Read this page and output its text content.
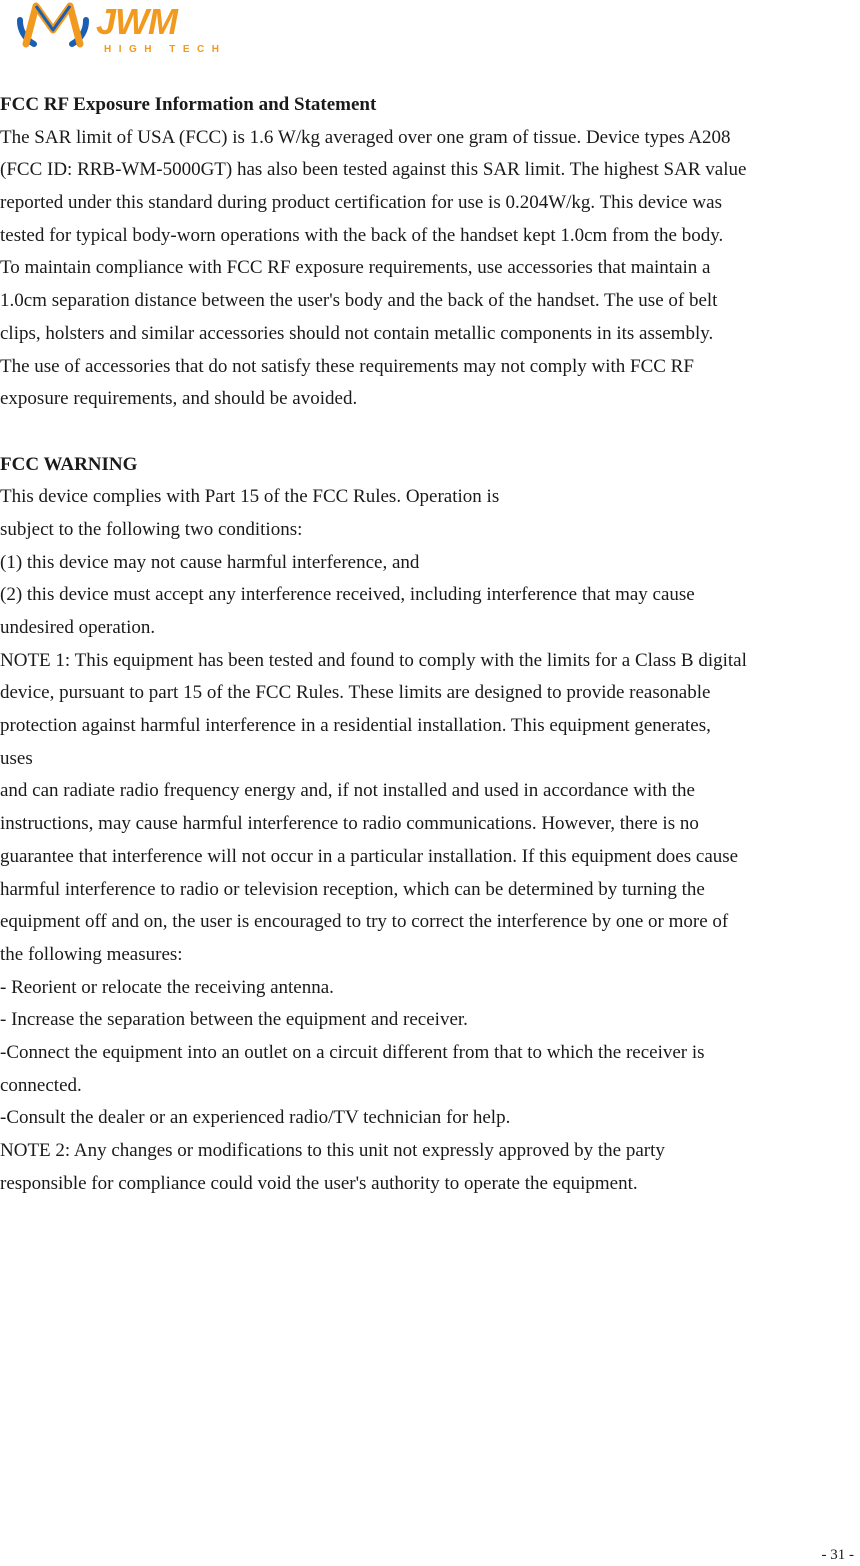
JWM
HIGH TECH
FCC RF Exposure Information and Statement
The SAR limit of USA (FCC) is 1.6 W/kg averaged over one gram of tissue. Device types A208
(FCC ID: RRB-WM-5000GT) has also been tested against this SAR limit. The highest SAR value
reported under this standard during product certification for use is 0.204W/kg. This device was
tested for typical body-worn operations with the back of the handset kept 1.0cm from the body.
To maintain compliance with FCC RF exposure requirements, use accessories that maintain a
1.0cm separation distance between the user's body and the back of the handset. The use of belt
clips, holsters and similar accessories should not contain metallic components in its assembly.
The use of accessories that do not satisfy these requirements may not comply with FCC RF
exposure requirements, and should be avoided.
FCC WARNING
This device complies with Part 15 of the FCC Rules. Operation is
subject to the following two conditions:
(1) this device may not cause harmful interference, and
(2) this device must accept any interference received, including interference that may cause
undesired operation.
NOTE 1: This equipment has been tested and found to comply with the limits for a Class B digital
device, pursuant to part 15 of the FCC Rules. These limits are designed to provide reasonable
protection against harmful interference in a residential installation. This equipment generates,
uses
and can radiate radio frequency energy and, if not installed and used in accordance with the
instructions, may cause harmful interference to radio communications. However, there is no
guarantee that interference will not occur in a particular installation. If this equipment does cause
harmful interference to radio or television reception, which can be determined by turning the
equipment off and on, the user is encouraged to try to correct the interference by one or more of
the following measures:
- Reorient or relocate the receiving antenna.
- Increase the separation between the equipment and receiver.
-Connect the equipment into an outlet on a circuit different from that to which the receiver is
connected.
-Consult the dealer or an experienced radio/TV technician for help.
NOTE 2: Any changes or modifications to this unit not expressly approved by the party
responsible for compliance could void the user's authority to operate the equipment.
- 31 -
